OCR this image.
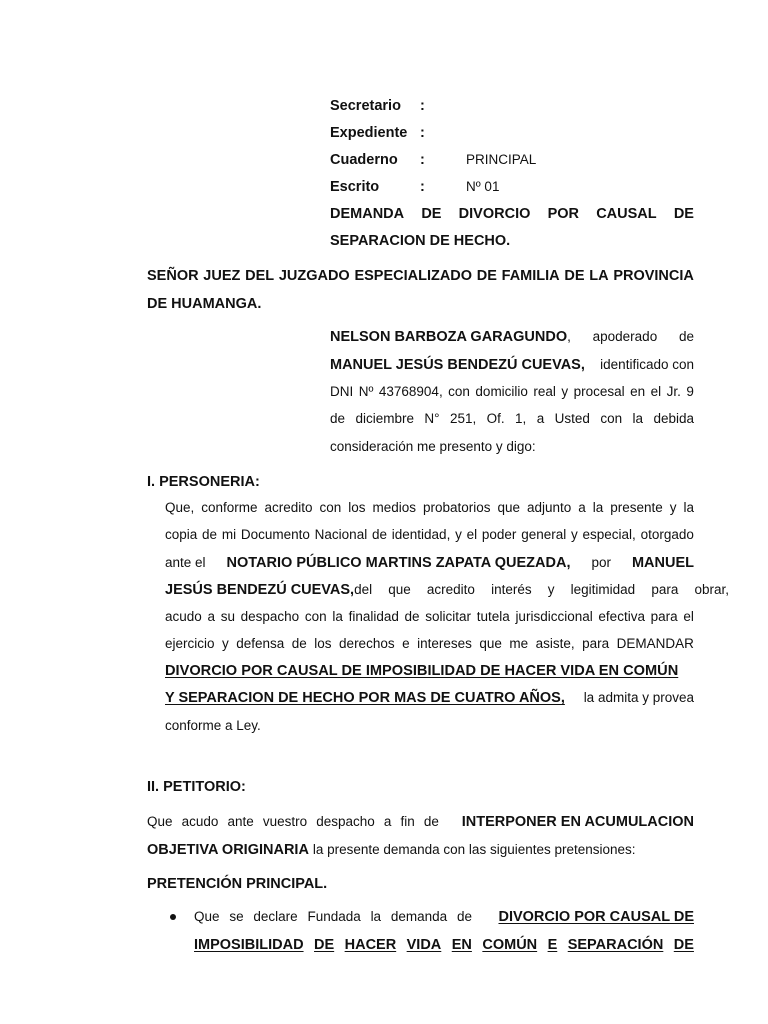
Secretario :
Expediente :
Cuaderno :	PRINCIPAL
Escrito	:	Nº 01
DEMANDA DE DIVORCIO POR CAUSAL DE
SEPARACION DE HECHO.
SEÑOR JUEZ DEL JUZGADO ESPECIALIZADO DE FAMILIA DE LA PROVINCIA
DE HUAMANGA.
NELSON BARBOZA GARAGUNDO, apoderado de
MANUEL JESÚS BENDEZÚ CUEVAS, identificado con
DNI Nº 43768904, con domicilio real y procesal en el Jr. 9
de diciembre N° 251, Of. 1, a Usted con la debida
consideración me presento y digo:
I. PERSONERIA:
Que, conforme acredito con los medios probatorios que adjunto a la presente y la
copia de mi Documento Nacional de identidad, y el poder general y especial, otorgado
ante el NOTARIO PÚBLICO MARTINS ZAPATA QUEZADA, por MANUEL
JESÚS BENDEZÚ CUEVAS, del que acredito interés y legitimidad para obrar,
acudo a su despacho con la finalidad de solicitar tutela jurisdiccional efectiva para el
ejercicio y defensa de los derechos e intereses que me asiste, para DEMANDAR
DIVORCIO POR CAUSAL DE IMPOSIBILIDAD DE HACER VIDA EN COMÚN
Y SEPARACION DE HECHO POR MAS DE CUATRO AÑOS, la admita y provea
conforme a Ley.
II. PETITORIO:
Que acudo ante vuestro despacho a fin de INTERPONER EN ACUMULACION
OBJETIVA ORIGINARIA la presente demanda con las siguientes pretensiones:
PRETENCIÓN PRINCIPAL.
Que se declare Fundada la demanda de DIVORCIO POR CAUSAL DE
IMPOSIBILIDAD DE HACER VIDA EN COMÚN E SEPARACIÓN DE
